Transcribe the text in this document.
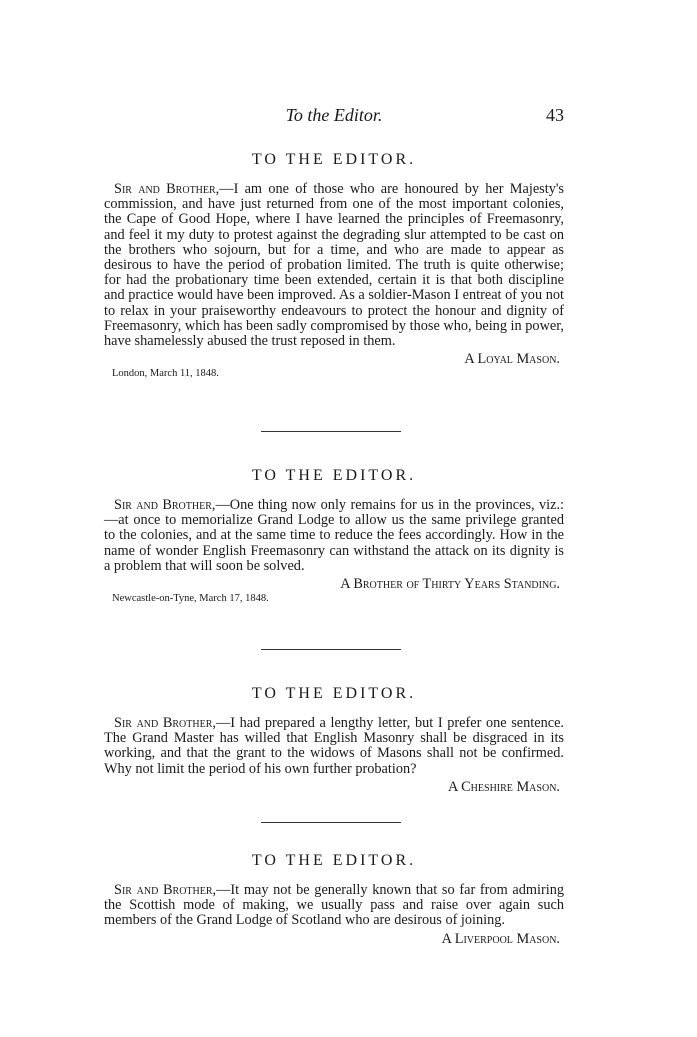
To the Editor.	43
TO THE EDITOR.

Sir and Brother,—I am one of those who are honoured by her Majesty's commission, and have just returned from one of the most important colonies, the Cape of Good Hope, where I have learned the principles of Freemasonry, and feel it my duty to protest against the degrading slur attempted to be cast on the brothers who sojourn, but for a time, and who are made to appear as desirous to have the period of probation limited. The truth is quite otherwise; for had the probationary time been extended, certain it is that both discipline and practice would have been improved. As a soldier-Mason I entreat of you not to relax in your praiseworthy endeavours to protect the honour and dignity of Freemasonry, which has been sadly compromised by those who, being in power, have shamelessly abused the trust reposed in them.

A Loyal Mason.
London, March 11, 1848.
TO THE EDITOR.

Sir and Brother,—One thing now only remains for us in the provinces, viz.:—at once to memorialize Grand Lodge to allow us the same privilege granted to the colonies, and at the same time to reduce the fees accordingly. How in the name of wonder English Freemasonry can withstand the attack on its dignity is a problem that will soon be solved.

A Brother of Thirty Years Standing.
Newcastle-on-Tyne, March 17, 1848.
TO THE EDITOR.

Sir and Brother,—I had prepared a lengthy letter, but I prefer one sentence. The Grand Master has willed that English Masonry shall be disgraced in its working, and that the grant to the widows of Masons shall not be confirmed. Why not limit the period of his own further probation?

A Cheshire Mason.
TO THE EDITOR.

Sir and Brother,—It may not be generally known that so far from admiring the Scottish mode of making, we usually pass and raise over again such members of the Grand Lodge of Scotland who are desirous of joining.

A Liverpool Mason.
